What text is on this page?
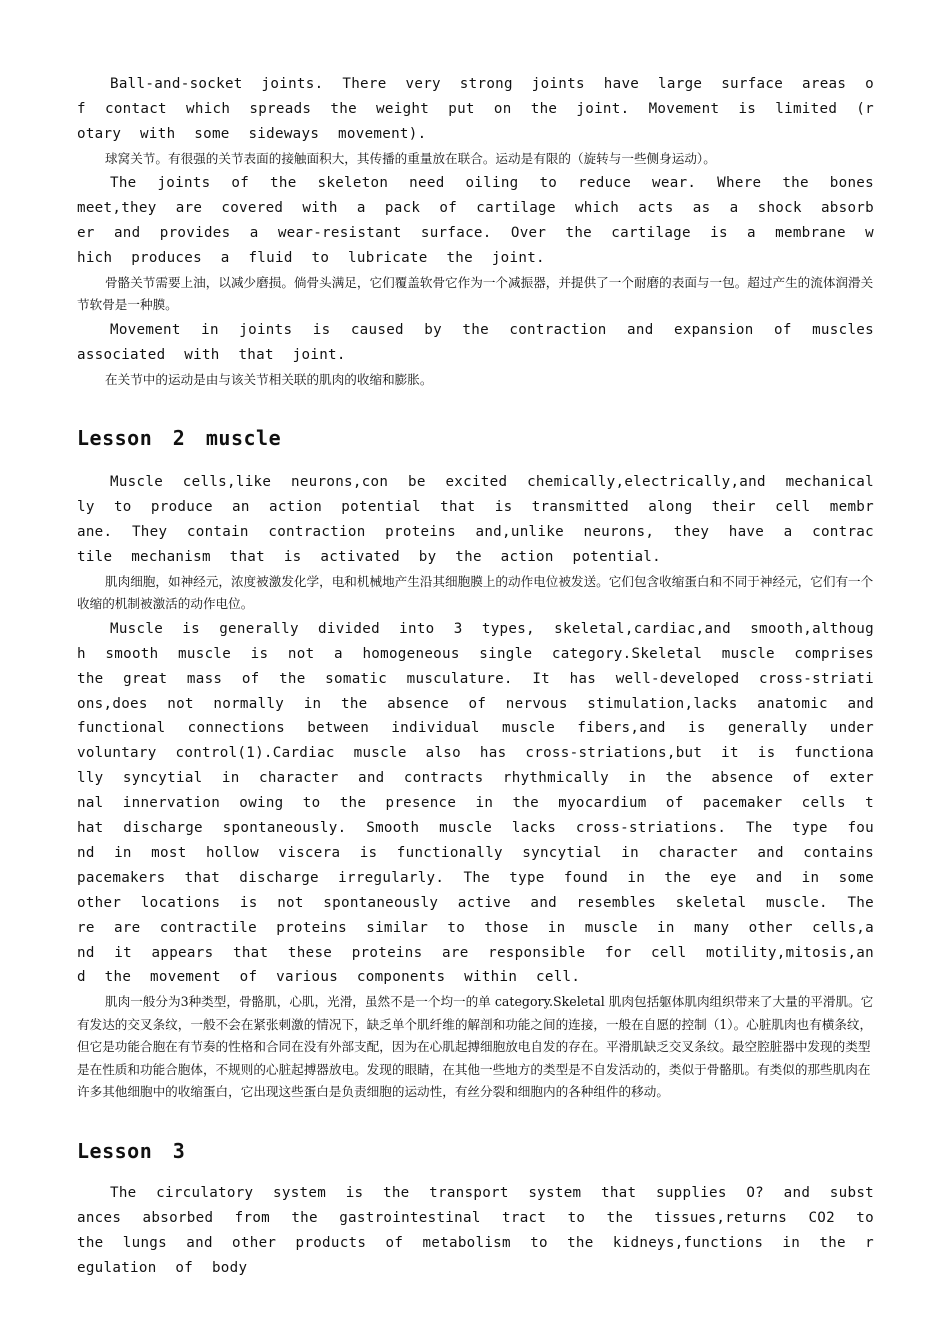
Ball-and-socket joints. There very strong joints have large surface areas of contact which spreads the weight put on the joint. Movement is limited (rotary with some sideways movement).

球窝关节。有很强的关节表面的接触面积大，其传播的重量放在联合。运动是有限的（旋转与一些侧身运动）。

The joints of the skeleton need oiling to reduce wear. Where the bones meet,they are covered with a pack of cartilage which acts as a shock absorber and provides a wear-resistant surface. Over the cartilage is a membrane which produces a fluid to lubricate the joint.

骨骼关节需要上油，以减少磨损。倘骨头满足，它们覆盖软骨它作为一个减振器，并提供了一个耐磨的表面与一包。超过产生的流体润滑关节软骨是一种膜。

Movement in joints is caused by the contraction and expansion of muscles associated with that joint.

在关节中的运动是由与该关节相关联的肌肉的收缩和膨胀。

Lesson 2 muscle

Muscle cells,like neurons,con be excited chemically,electrically,and mechanically to produce an action potential that is transmitted along their cell membrane. They contain contraction proteins and,unlike neurons, they have a contractile mechanism that is activated by the action potential.

肌肉细胞，如神经元，浓度被激发化学，电和机械地产生沿其细胞膜上的动作电位被发送。它们包含收缩蛋白和不同于神经元，它们有一个收缩的机制被激活的动作电位。

Muscle is generally divided into 3 types, skeletal,cardiac,and smooth,although smooth muscle is not a homogeneous single category.Skeletal muscle comprises the great mass of the somatic musculature. It has well-developed cross-striations,does not normally in the absence of nervous stimulation,lacks anatomic and functional connections between individual muscle fibers,and is generally under voluntary control(1).Cardiac muscle also has cross-striations,but it is functionally syncytial in character and contracts rhythmically in the absence of external innervation owing to the presence in the myocardium of pacemaker cells that discharge spontaneously. Smooth muscle lacks cross-striations. The type found in most hollow viscera is functionally syncytial in character and contains pacemakers that discharge irregularly. The type found in the eye and in some other locations is not spontaneously active and resembles skeletal muscle. There are contractile proteins similar to those in muscle in many other cells,and it appears that these proteins are responsible for cell motility,mitosis,and the movement of various components within cell.

肌肉一般分为3种类型，骨骼肌，心肌，光滑，虽然不是一个均一的单 category.Skeletal 肌肉包括躯体肌肉组织带来了大量的平滑肌。它有发达的交叉条纹，一般不会在紧张刺激的情况下，缺乏单个肌纤维的解剖和功能之间的连接，一般在自愿的控制（1）。心脏肌肉也有横条纹，但它是功能合胞在有节奏的性格和合同在没有外部支配，因为在心肌起搏细胞放电自发的存在。平滑肌缺乏交叉条纹。最空腔脏器中发现的类型是在性质和功能合胞体，不规则的心脏起搏器放电。发现的眼睛，在其他一些地方的类型是不自发活动的，类似于骨骼肌。有类似的那些肌肉在许多其他细胞中的收缩蛋白，它出现这些蛋白是负责细胞的运动性，有丝分裂和细胞内的各种组件的移动。

Lesson 3

The circulatory system is the transport system that supplies O? and substances absorbed from the gastrointestinal tract to the tissues,returns CO2 to the lungs and other products of metabolism to the kidneys,functions in the regulation of body
